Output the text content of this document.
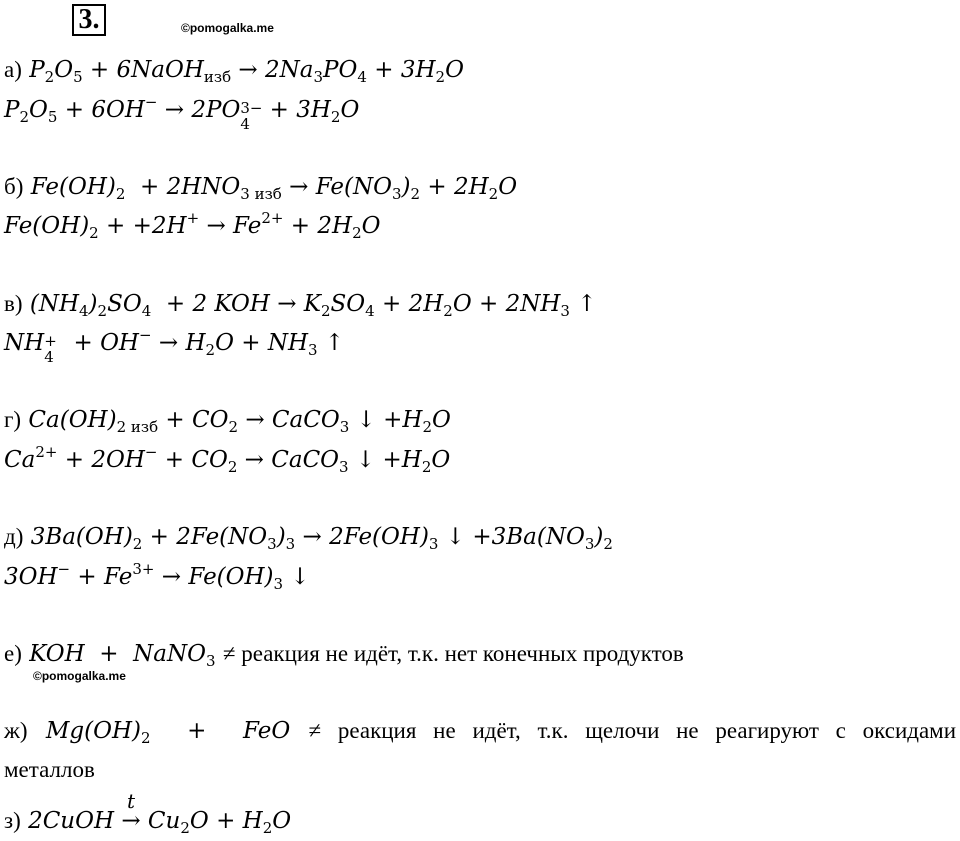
3.	©pomogalka.me
а) $P_2O_5$ + 6NaOH$_{изб}$ → $2Na_3PO_4 + 3H_2O$
$P_2O_5 + 6OH^- \to 2PO$ 3−
4
+ $3H_2O$
б) $Fe(OH)_2 + 2HNO_{3 изб} \to Fe(NO_3)_2 + 2H_2O$
$Fe(OH)_2 + +2H^+ \to Fe^{2+} + 2H_2O$
в) $(NH_4)_2SO_4 + 2$ KOH → $K_2SO_4 + 2H_2O + 2NH_3$ ↑
NH +
4
+ $OH^- \to H_2O + NH_3$ ↑
г) $Ca(OH)_{2 изб} + CO_2$ → CaCO$_3$ ↓ $+H_2O$
$Ca^{2+} + 2OH^- + CO_2$ → CaCO$_3$ ↓ $+H_2O$
д) $3Ba(OH)_2 + 2Fe(NO_3)_3 \to 2Fe(OH)_3$ ↓ $+3Ba(NO_3)_2$
$3OH^- + Fe^{3+} \to Fe(OH)_3$ ↓
е) KOH  +  NaNO$_3$ ≠ реакция не идёт, т.к. нет конечных продуктов
©pomogalka.me
ж) $Mg(OH)_2$  +  FeO ≠ реакция не идёт, т.к. щелочи не реагируют с оксидами
металлов
з) 2CuOH
t
→ $Cu_2O + H_2O$
